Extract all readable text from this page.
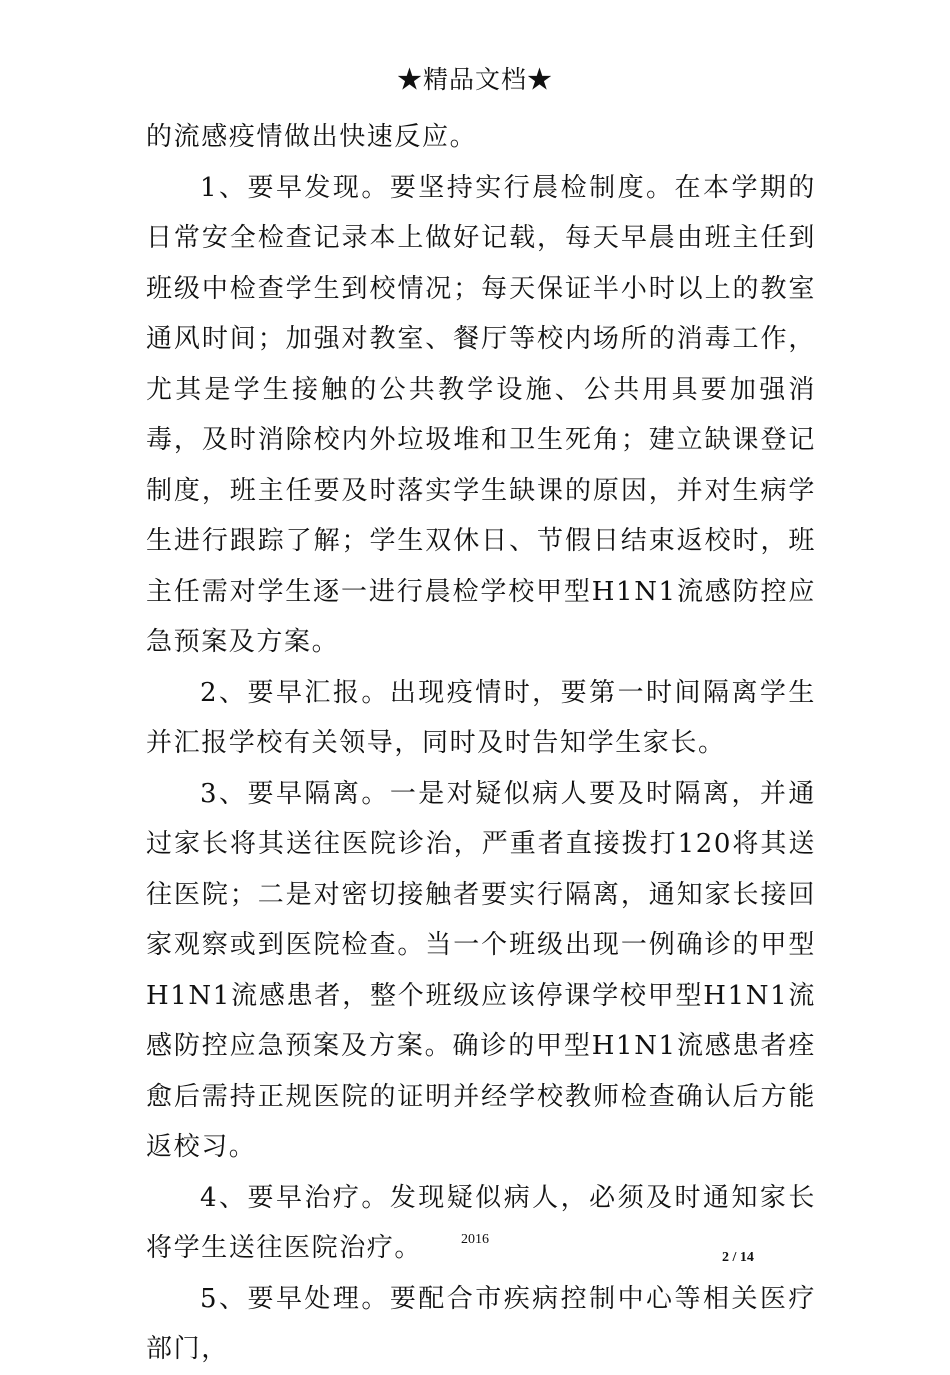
★精品文档★

的流感疫情做出快速反应。

1、要早发现。要坚持实行晨检制度。在本学期的日常安全检查记录本上做好记载，每天早晨由班主任到班级中检查学生到校情况；每天保证半小时以上的教室通风时间；加强对教室、餐厅等校内场所的消毒工作，尤其是学生接触的公共教学设施、公共用具要加强消毒，及时消除校内外垃圾堆和卫生死角；建立缺课登记制度，班主任要及时落实学生缺课的原因，并对生病学生进行跟踪了解；学生双休日、节假日结束返校时，班主任需对学生逐一进行晨检学校甲型H1N1流感防控应急预案及方案。

2、要早汇报。出现疫情时，要第一时间隔离学生并汇报学校有关领导，同时及时告知学生家长。

3、要早隔离。一是对疑似病人要及时隔离，并通过家长将其送往医院诊治，严重者直接拨打120将其送往医院；二是对密切接触者要实行隔离，通知家长接回家观察或到医院检查。当一个班级出现一例确诊的甲型H1N1流感患者，整个班级应该停课学校甲型H1N1流感防控应急预案及方案。确诊的甲型H1N1流感患者痊愈后需持正规医院的证明并经学校教师检查确认后方能返校习。

4、要早治疗。发现疑似病人，必须及时通知家长将学生送往医院治疗。

5、要早处理。要配合市疾病控制中心等相关医疗部门，

2016
2 / 14
